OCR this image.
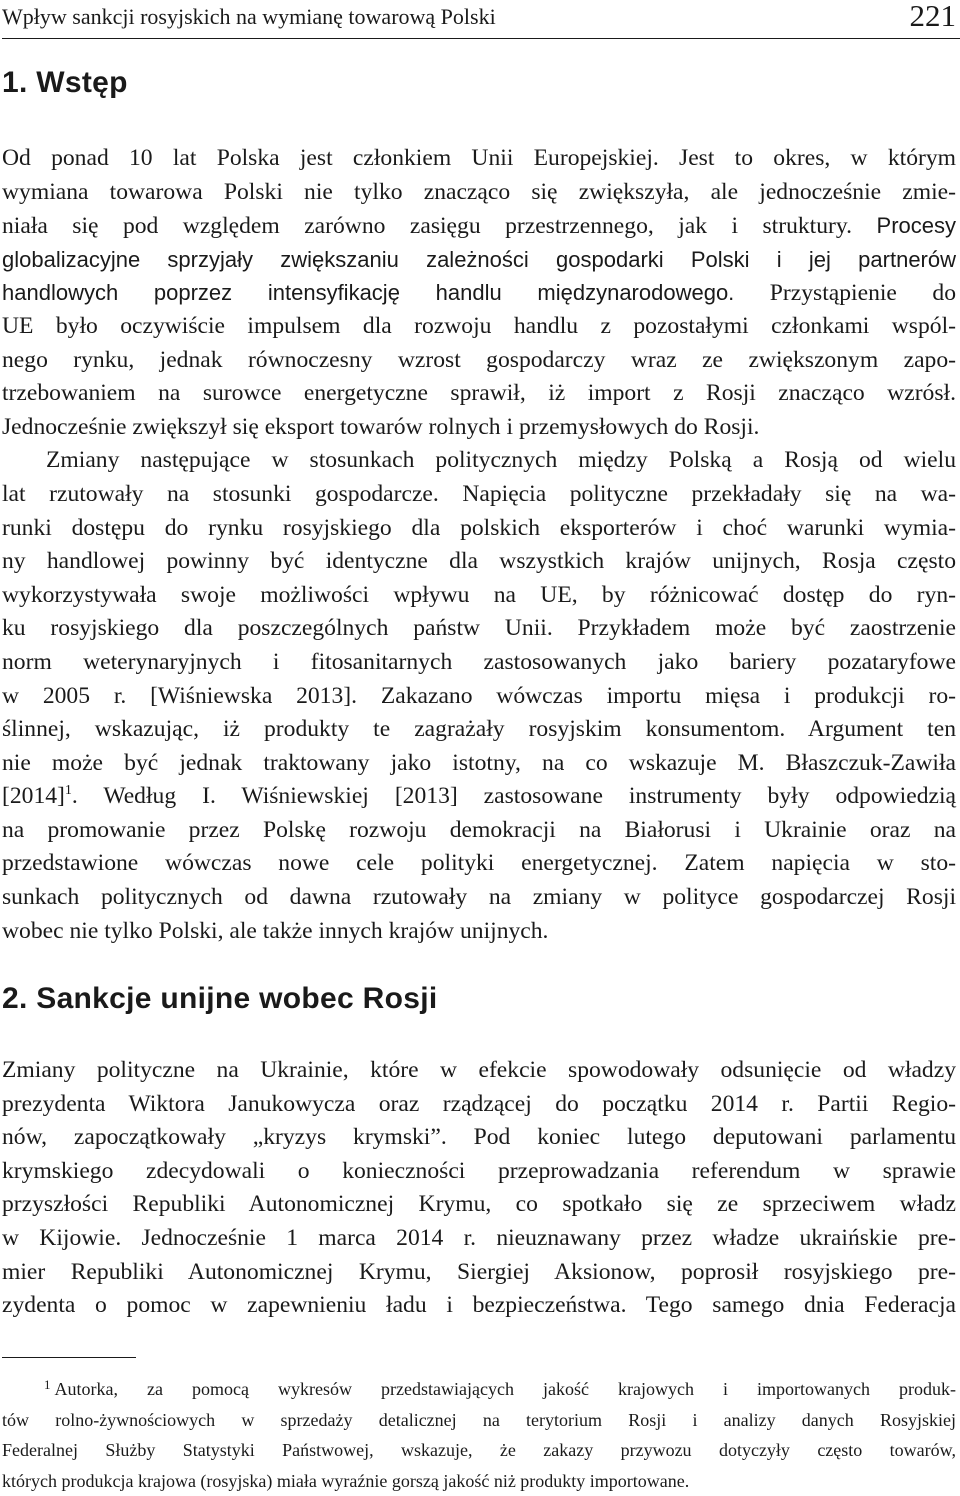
Wpływ sankcji rosyjskich na wymianę towarową Polski	221
1. Wstęp
Od ponad 10 lat Polska jest członkiem Unii Europejskiej. Jest to okres, w którym
wymiana towarowa Polski nie tylko znacząco się zwiększyła, ale jednocześnie zmie-
niała się pod względem zarówno zasięgu przestrzennego, jak i struktury. Procesy
globalizacyjne sprzyjały zwiększaniu zależności gospodarki Polski i jej partnerów
handlowych poprzez intensyfikację handlu międzynarodowego. Przystąpienie do
UE było oczywiście impulsem dla rozwoju handlu z pozostałymi członkami wspól-
nego rynku, jednak równoczesny wzrost gospodarczy wraz ze zwiększonym zapo-
trzebowaniem na surowce energetyczne sprawił, iż import z Rosji znacząco wzrósł.
Jednocześnie zwiększył się eksport towarów rolnych i przemysłowych do Rosji.
Zmiany następujące w stosunkach politycznych między Polską a Rosją od wielu
lat rzutowały na stosunki gospodarcze. Napięcia polityczne przekładały się na wa-
runki dostępu do rynku rosyjskiego dla polskich eksporterów i choć warunki wymia-
ny handlowej powinny być identyczne dla wszystkich krajów unijnych, Rosja często
wykorzystywała swoje możliwości wpływu na UE, by różnicować dostęp do ryn-
ku rosyjskiego dla poszczególnych państw Unii. Przykładem może być zaostrzenie
norm weterynaryjnych i fitosanitarnych zastosowanych jako bariery pozataryfowe
w 2005 r. [Wiśniewska 2013]. Zakazano wówczas importu mięsa i produkcji ro-
ślinnej, wskazując, iż produkty te zagrażały rosyjskim konsumentom. Argument ten
nie może być jednak traktowany jako istotny, na co wskazuje M. Błaszczuk-Zawiła
$[2014]^1$. Według I. Wiśniewskiej [2013] zastosowane instrumenty były odpowiedzią
na promowanie przez Polskę rozwoju demokracji na Białorusi i Ukrainie oraz na
przedstawione wówczas nowe cele polityki energetycznej. Zatem napięcia w sto-
sunkach politycznych od dawna rzutowały na zmiany w polityce gospodarczej Rosji
wobec nie tylko Polski, ale także innych krajów unijnych.
2. Sankcje unijne wobec Rosji
Zmiany polityczne na Ukrainie, które w efekcie spowodowały odsunięcie od władzy
prezydenta Wiktora Janukowycza oraz rządzącej do początku 2014 r. Partii Regio-
nów, zapoczątkowały „kryzys krymski”. Pod koniec lutego deputowani parlamentu
krymskiego zdecydowali o konieczności przeprowadzania referendum w sprawie
przyszłości Republiki Autonomicznej Krymu, co spotkało się ze sprzeciwem władz
w Kijowie. Jednocześnie 1 marca 2014 r. nieuznawany przez władze ukraińskie pre-
mier Republiki Autonomicznej Krymu, Siergiej Aksionow, poprosił rosyjskiego pre-
zydenta o pomoc w zapewnieniu ładu i bezpieczeństwa. Tego samego dnia Federacja
$^1$ Autorka, za pomocą wykresów przedstawiających jakość krajowych i importowanych produk-
tów rolno-żywnościowych w sprzedaży detalicznej na terytorium Rosji i analizy danych Rosyjskiej
Federalnej Służby Statystyki Państwowej, wskazuje, że zakazy przywozu dotyczyły często towarów,
których produkcja krajowa (rosyjska) miała wyraźnie gorszą jakość niż produkty importowane.
